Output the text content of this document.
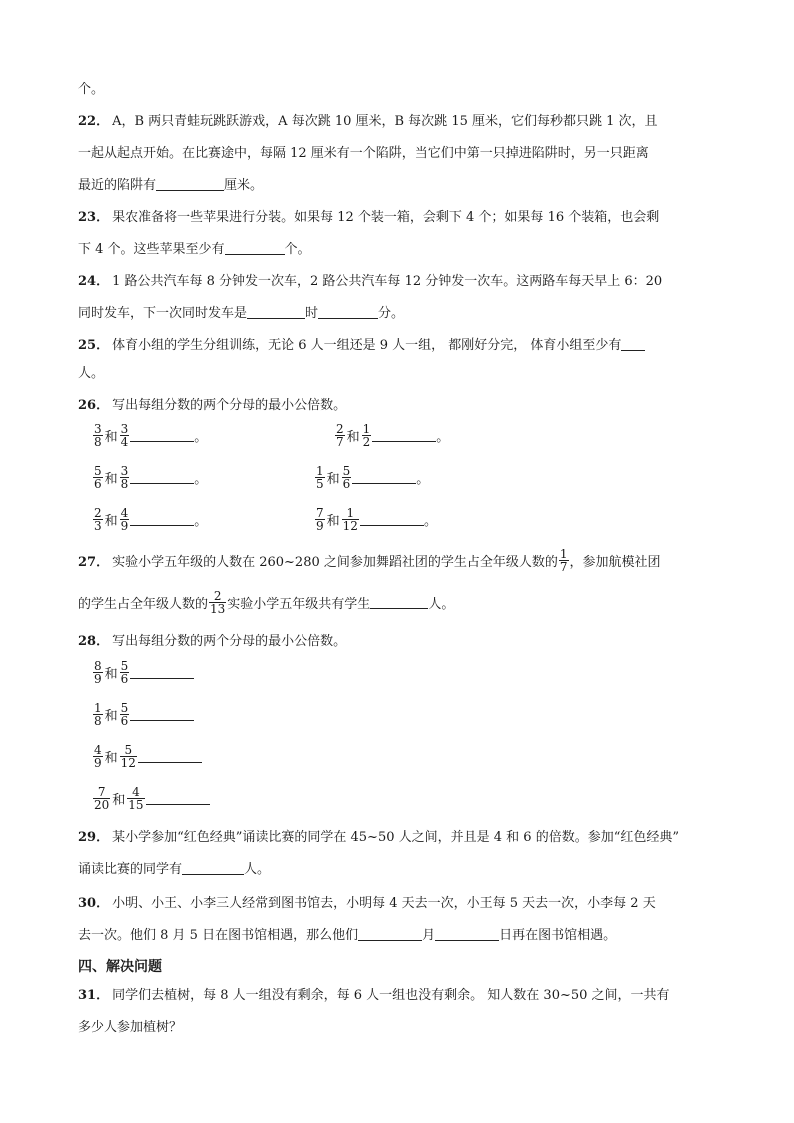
个。
22． A，B 两只青蛙玩跳跃游戏，A 每次跳 10 厘米，B 每次跳 15 厘米，它们每秒都只跳 1 次，且
一起从起点开始。在比赛途中，每隔 12 厘米有一个陷阱，当它们中第一只掉进陷阱时，另一只距离
最近的陷阱有	厘米。
23． 果农准备将一些苹果进行分装。如果每 12 个装一箱，会剩下 4 个；如果每 16 个装箱，也会剩
下 4 个。这些苹果至少有	个。
24． 1 路公共汽车每 8 分钟发一次车，2 路公共汽车每 12 分钟发一次车。这两路车每天早上 6：20
同时发车，下一次同时发车是	时	分。
25． 体育小组的学生分组训练，无论 6 人一组还是 9 人一组， 都刚好分完， 体育小组至少有
人。
26． 写出每组分数的两个分母的最小公倍数。
$\frac{3}{8}$ 和 $\frac{3}{4}$	。	$\frac{2}{7}$ 和 $\frac{1}{2}$	。
$\frac{5}{6}$ 和 $\frac{3}{8}$	。	$\frac{1}{5}$ 和 $\frac{5}{6}$	。
$\frac{2}{3}$ 和 $\frac{4}{9}$	。	$\frac{7}{9}$ 和 $\frac{1}{12}$	。
27． 实验小学五年级的人数在 260~280 之间参加舞蹈社团的学生占全年级人数的 $\frac{1}{7}$ ，参加航模社团
的学生占全年级人数的 $\frac{2}{13}$ 实验小学五年级共有学生	人。
28． 写出每组分数的两个分母的最小公倍数。
$\frac{8}{9}$ 和 $\frac{5}{6}$
$\frac{1}{8}$ 和 $\frac{5}{6}$
$\frac{4}{9}$ 和 $\frac{5}{12}$
$\frac{7}{20}$ 和 $\frac{4}{15}$
29． 某小学参加“红色经典”诵读比赛的同学在 45~50 人之间，并且是 4 和 6 的倍数。参加“红色经典”
诵读比赛的同学有	人。
30． 小明、小王、小李三人经常到图书馆去，小明每 4 天去一次，小王每 5 天去一次，小李每 2 天
去一次。他们 8 月 5 日在图书馆相遇，那么他们	月	日再在图书馆相遇。
四、解决问题
31． 同学们去植树，每 8 人一组没有剩余，每 6 人一组也没有剩余。 知人数在 30~50 之间，一共有
多少人参加植树？
